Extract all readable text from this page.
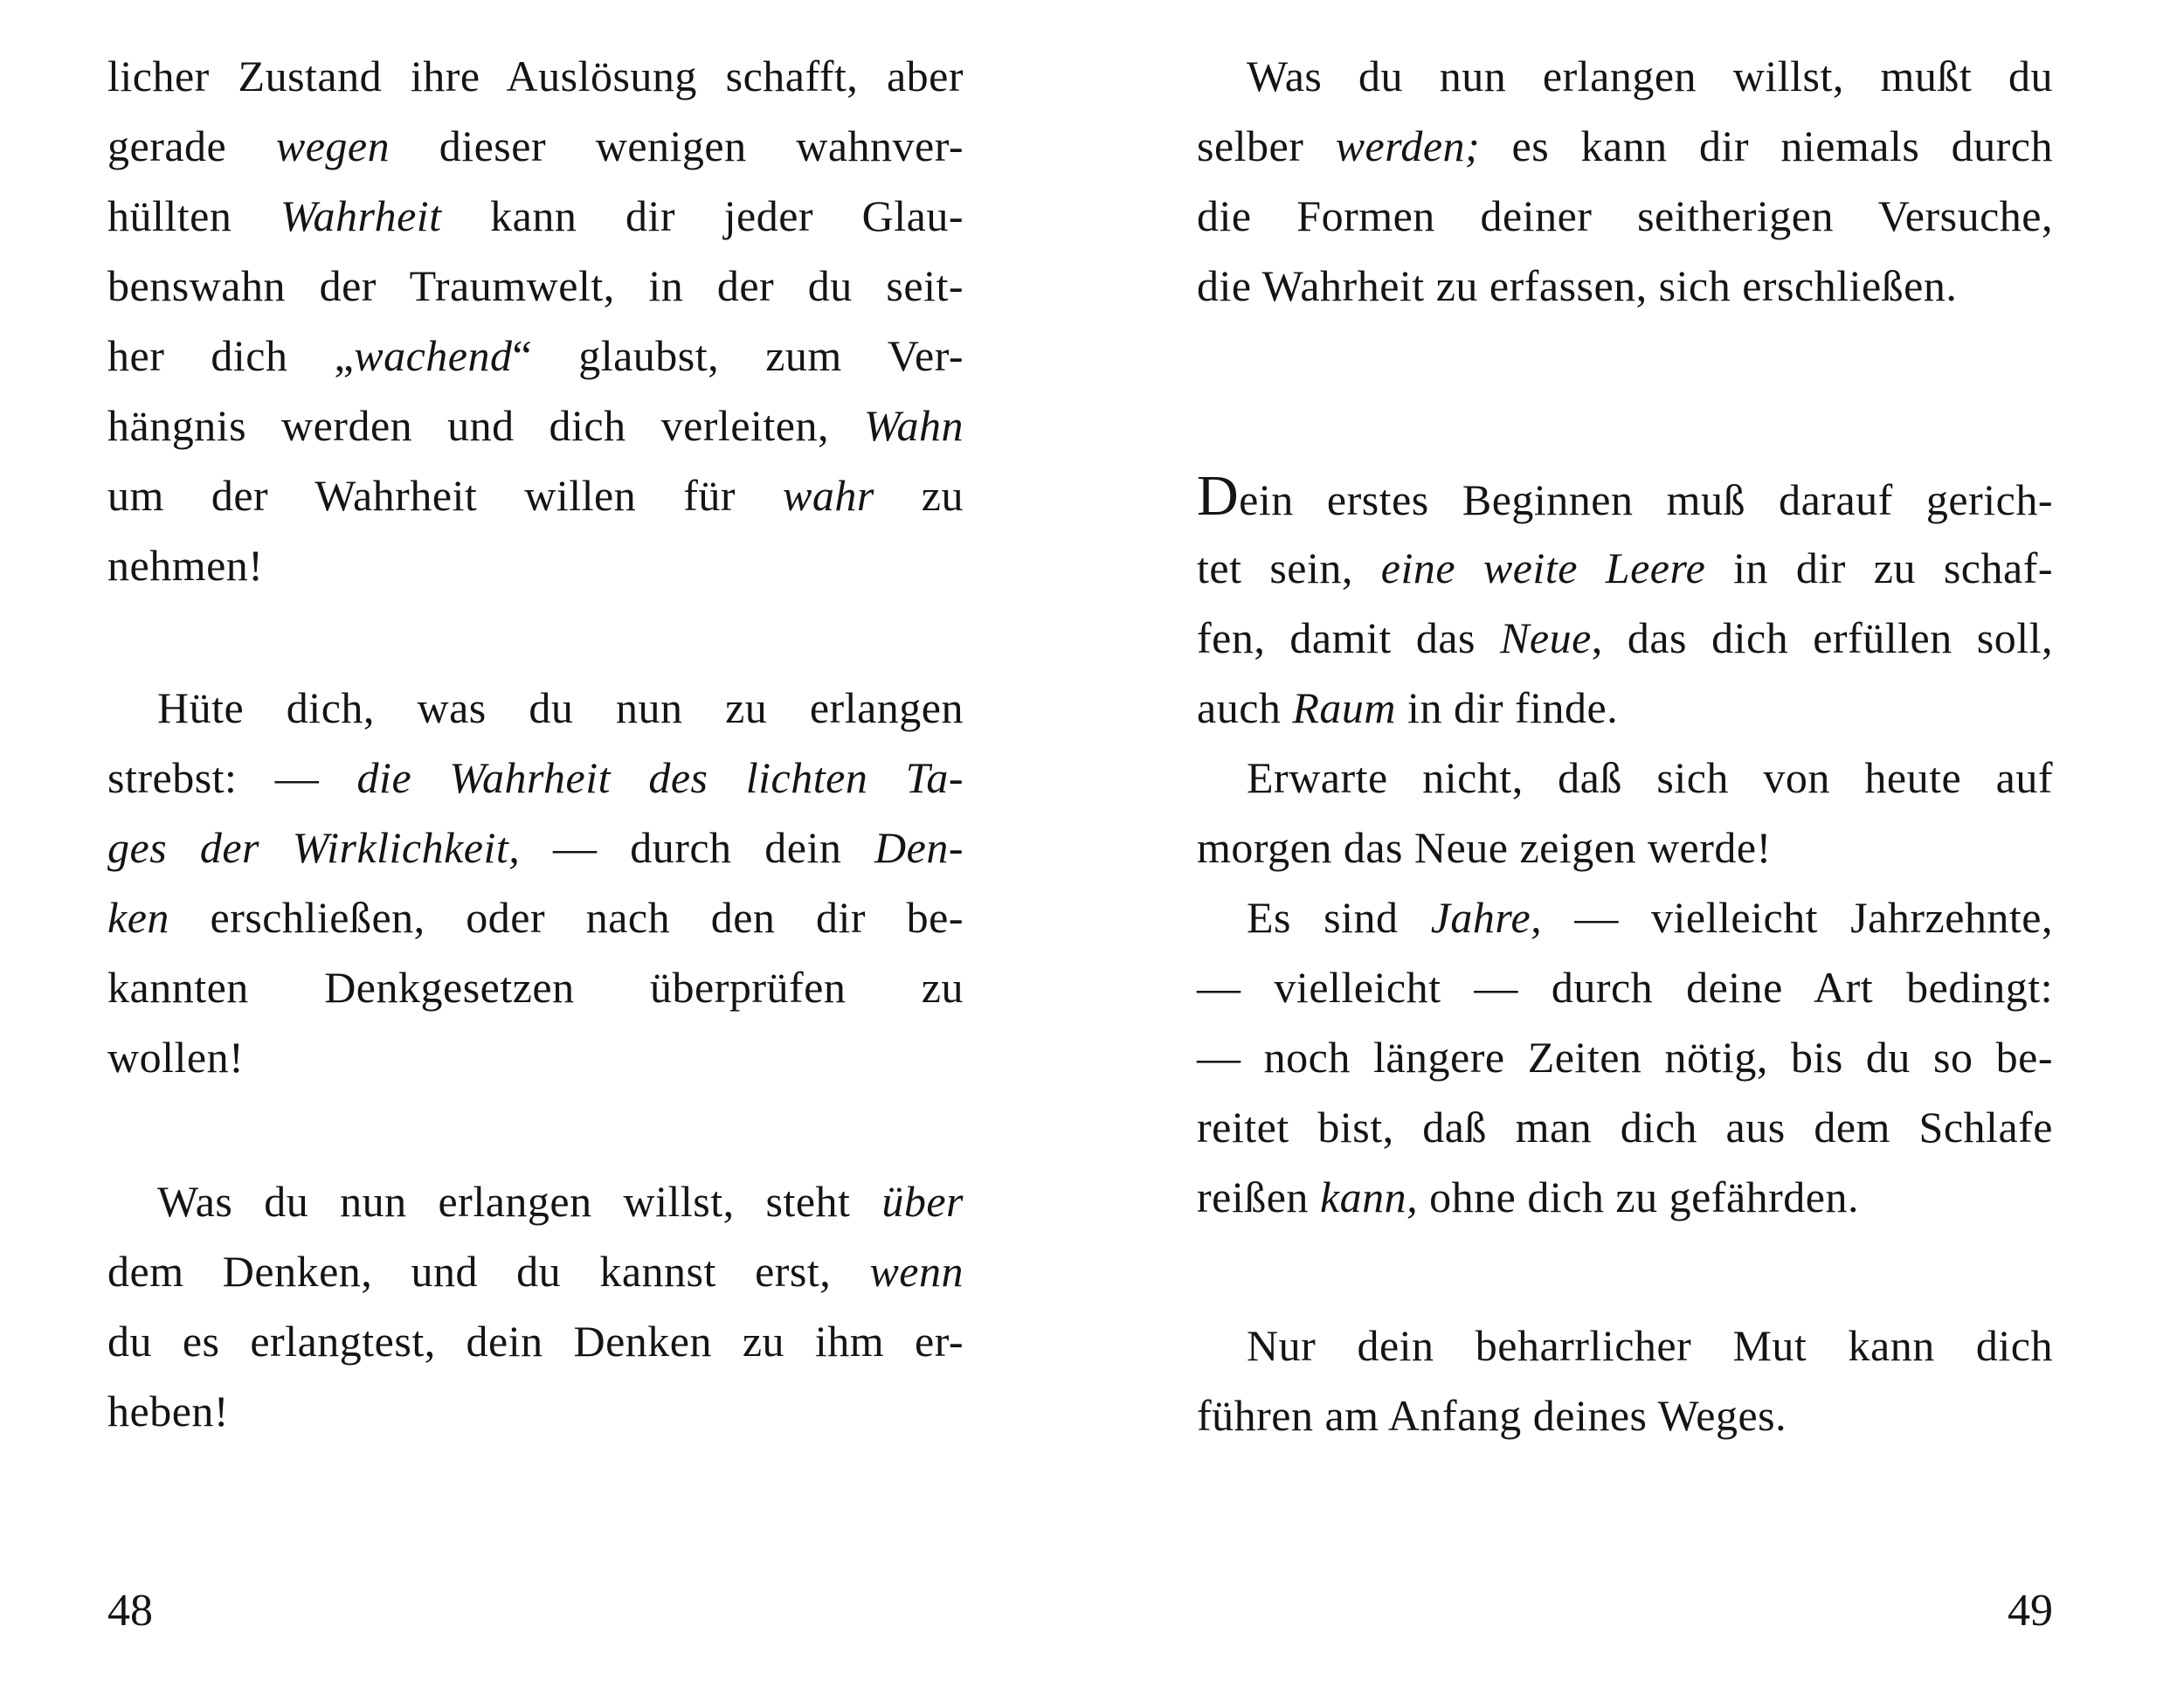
48
licher Zustand ihre Auslösung schafft, aber
gerade wegen dieser wenigen wahnver-
hüllten Wahrheit kann dir jeder Glau-
benswahn der Traumwelt, in der du seit-
her dich „wachend“ glaubst, zum Ver-
hängnis werden und dich verleiten, Wahn
um der Wahrheit willen für wahr zu
nehmen!
Hüte dich, was du nun zu erlangen
strebst: — die Wahrheit des lichten Ta-
ges der Wirklichkeit, — durch dein Den-
ken erschließen, oder nach den dir be-
kannten Denkgesetzen überprüfen zu
wollen!
Was du nun erlangen willst, steht über
dem Denken, und du kannst erst, wenn
du es erlangtest, dein Denken zu ihm er-
heben!
49
Was du nun erlangen willst, mußt du
selber werden; es kann dir niemals durch
die Formen deiner seitherigen Versuche,
die Wahrheit zu erfassen, sich erschließen.
Dein erstes Beginnen muß darauf gerich-
tet sein, eine weite Leere in dir zu schaf-
fen, damit das Neue, das dich erfüllen soll,
auch Raum in dir finde.
Erwarte nicht, daß sich von heute auf
morgen das Neue zeigen werde!
Es sind Jahre, — vielleicht Jahrzehnte,
— vielleicht — durch deine Art bedingt:
— noch längere Zeiten nötig, bis du so be-
reitet bist, daß man dich aus dem Schlafe
reißen kann, ohne dich zu gefährden.
Nur dein beharrlicher Mut kann dich
führen am Anfang deines Weges.
